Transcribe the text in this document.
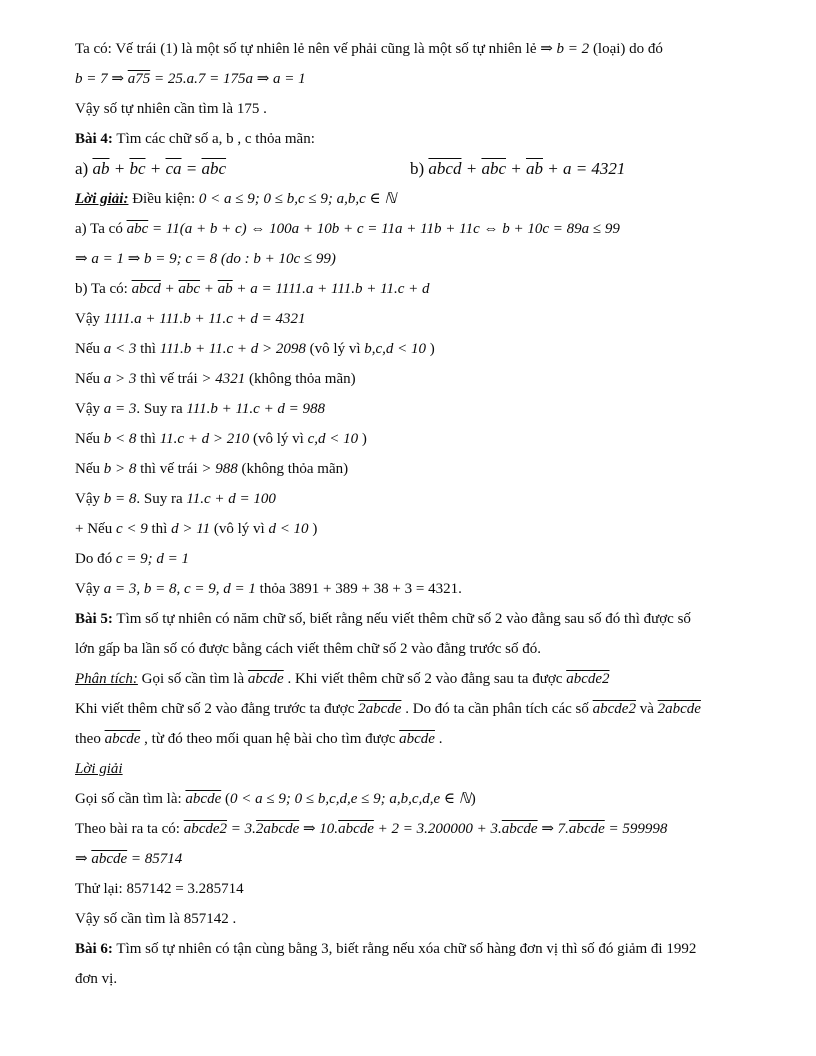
Ta có: Vế trái (1) là một số tự nhiên lẻ nên vế phải cũng là một số tự nhiên lẻ ⇒ b = 2 (loại) do đó
b = 7 ⇒ a75 = 25.a.7 = 175a ⇒ a = 1
Vậy số tự nhiên cần tìm là 175 .
Bài 4: Tìm các chữ số a, b , c thỏa mãn:
a) $\overline{ab} + \overline{bc} + \overline{ca} = \overline{abc}$	b) abcd + $\overline{abc} + \overline{ab} + a = 4321$
Lời giải: Điều kiện: 0 < a ≤ 9; 0 ≤ b,c ≤ 9; a,b,c ∈ ℕ
a) Ta có $\overline{abc} = 11(a + b + c)$ ⇔ 100a + 10b + c = 11a + 11b + 11c ⇔ b + 10c = 89a ≤ 99
⇒ a = 1 ⇒ b = 9; c = 8 (do : b + 10c ≤ 99)
b) Ta có: abcd + $\overline{abc} + \overline{ab} + a = 1111.a + 111.b + 11.c + d$
Vậy 1111.a + 111.b + 11.c + d = 4321
Nếu a < 3 thì 111.b + 11.c + d > 2098 (vô lý vì b,c,d < 10 )
Nếu a > 3 thì vế trái > 4321 (không thỏa mãn)
Vậy a = 3. Suy ra 111.b + 11.c + d = 988
Nếu b < 8 thì 11.c + d > 210 (vô lý vì c,d < 10 )
Nếu b > 8 thì vế trái > 988 (không thỏa mãn)
Vậy b = 8. Suy ra 11.c + d = 100
+ Nếu c < 9 thì d > 11 (vô lý vì d < 10 )
Do đó c = 9; d = 1
Vậy a = 3, b = 8, c = 9, d = 1 thỏa 3891 + 389 + 38 + 3 = 4321.
Bài 5: Tìm số tự nhiên có năm chữ số, biết rằng nếu viết thêm chữ số 2 vào đằng sau số đó thì được số
lớn gấp ba lần số có được bằng cách viết thêm chữ số 2 vào đằng trước số đó.
Phân tích: Gọi số cần tìm là abcde . Khi viết thêm chữ số 2 vào đằng sau ta được abcde2
Khi viết thêm chữ số 2 vào đằng trước ta được 2abcde . Do đó ta cần phân tích các số abcde2 và 2abcde
theo abcde , từ đó theo mối quan hệ bài cho tìm được abcde .
Lời giải
Gọi số cần tìm là: abcde (0 < a ≤ 9; 0 ≤ b,c,d,e ≤ 9; a,b,c,d,e ∈ ℕ)
Theo bài ra ta có: abcde2 = 3.2abcde ⇒ 10.abcde + 2 = 3.200000 + 3.abcde ⇒ 7.abcde = 599998
⇒ abcde = 85714
Thử lại: 857142 = 3.285714
Vậy số cần tìm là 857142 .
Bài 6: Tìm số tự nhiên có tận cùng bằng 3, biết rằng nếu xóa chữ số hàng đơn vị thì số đó giảm đi 1992
đơn vị.
